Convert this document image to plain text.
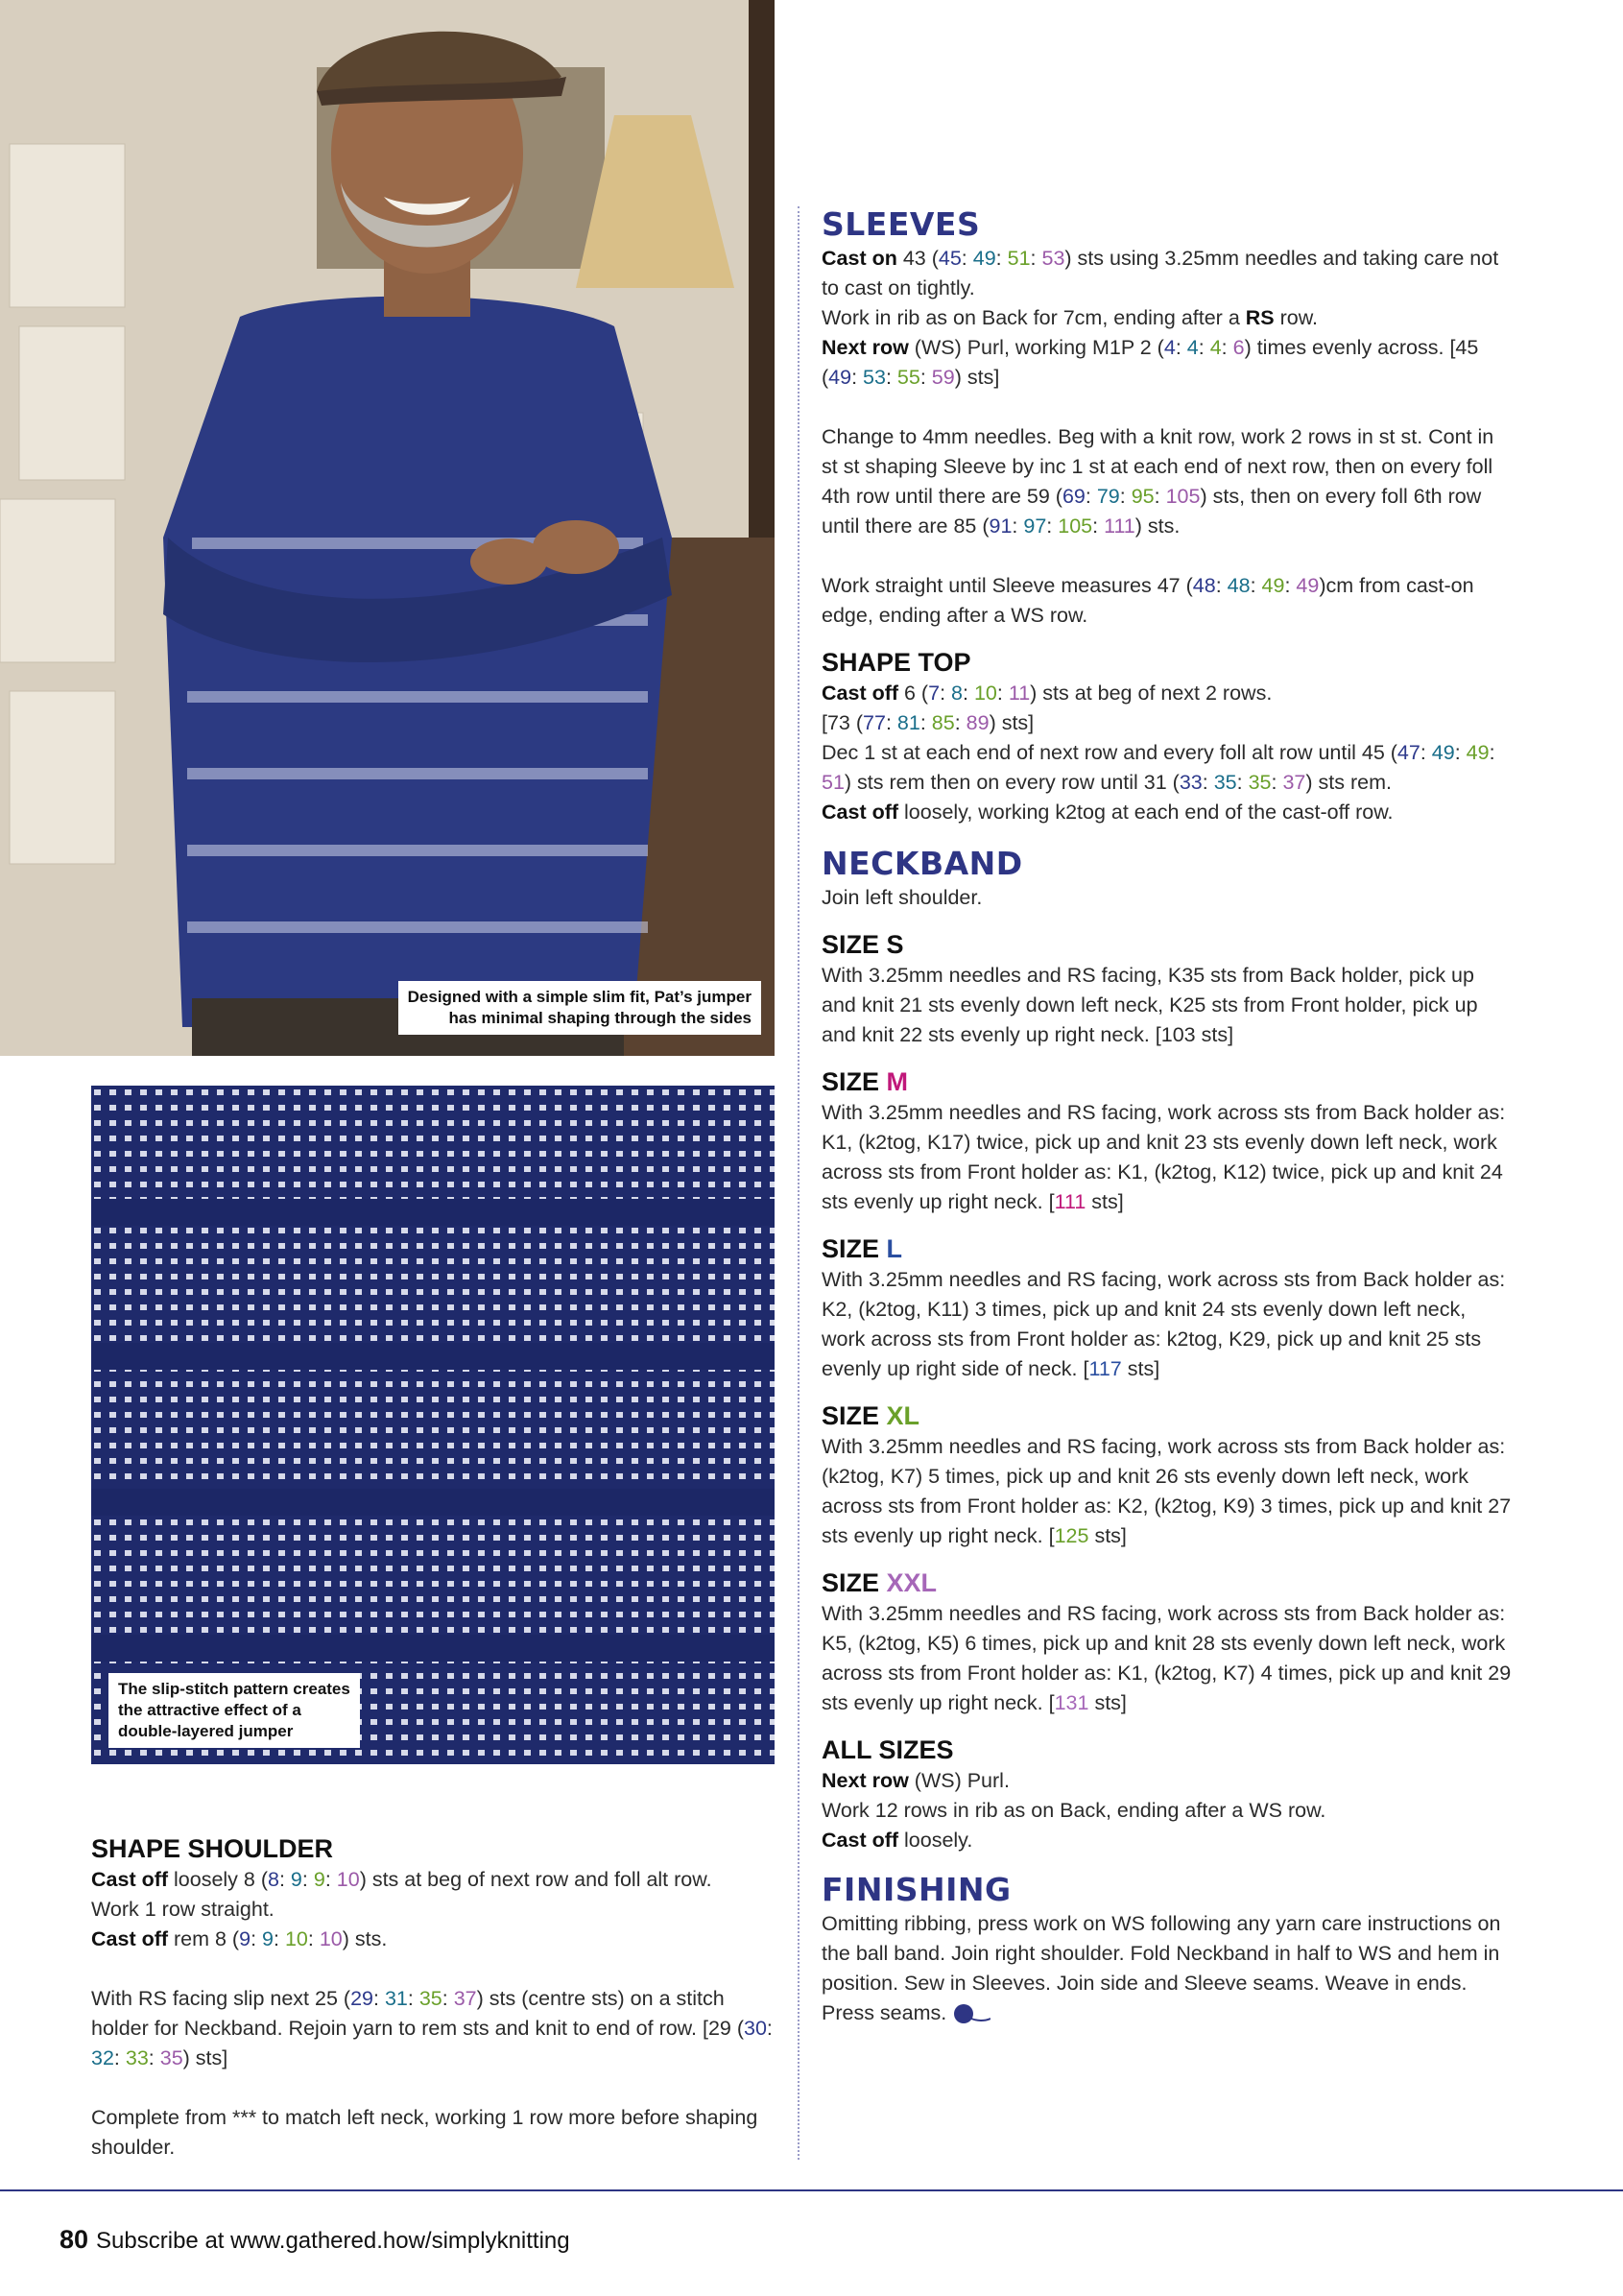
Designed with a simple slim fit, Pat’s jumper
has minimal shaping through the sides
The slip-stitch pattern creates
the attractive effect of a
double-layered jumper

SHAPE SHOULDER

Cast off loosely 8 (8: 9: 9: 10) sts at beg of next row and foll alt row.
Work 1 row straight.
Cast off rem 8 (9: 9: 10: 10) sts.

With RS facing slip next 25 (29: 31: 35: 37) sts (centre sts) on a stitch holder for Neckband. Rejoin yarn to rem sts and knit to end of row. [29 (30: 32: 33: 35) sts]

Complete from *** to match left neck, working 1 row more before shaping shoulder.

SLEEVES

Cast on 43 (45: 49: 51: 53) sts using 3.25mm needles and taking care not to cast on tightly.
Work in rib as on Back for 7cm, ending after a RS row.
Next row (WS) Purl, working M1P 2 (4: 4: 4: 6) times evenly across. [45 (49: 53: 55: 59) sts]

Change to 4mm needles. Beg with a knit row, work 2 rows in st st. Cont in st st shaping Sleeve by inc 1 st at each end of next row, then on every foll 4th row until there are 59 (69: 79: 95: 105) sts, then on every foll 6th row until there are 85 (91: 97: 105: 111) sts.

Work straight until Sleeve measures 47 (48: 48: 49: 49)cm from cast-on edge, ending after a WS row.

SHAPE TOP

Cast off 6 (7: 8: 10: 11) sts at beg of next 2 rows.
[73 (77: 81: 85: 89) sts]
Dec 1 st at each end of next row and every foll alt row until 45 (47: 49: 49: 51) sts rem then on every row until 31 (33: 35: 35: 37) sts rem.
Cast off loosely, working k2tog at each end of the cast-off row.

NECKBAND

Join left shoulder.

SIZE S

With 3.25mm needles and RS facing, K35 sts from Back holder, pick up and knit 21 sts evenly down left neck, K25 sts from Front holder, pick up and knit 22 sts evenly up right neck. [103 sts]

SIZE M

With 3.25mm needles and RS facing, work across sts from Back holder as: K1, (k2tog, K17) twice, pick up and knit 23 sts evenly down left neck, work across sts from Front holder as: K1, (k2tog, K12) twice, pick up and knit 24 sts evenly up right neck. [111 sts]

SIZE L

With 3.25mm needles and RS facing, work across sts from Back holder as: K2, (k2tog, K11) 3 times, pick up and knit 24 sts evenly down left neck, work across sts from Front holder as: k2tog, K29, pick up and knit 25 sts evenly up right side of neck. [117 sts]

SIZE XL

With 3.25mm needles and RS facing, work across sts from Back holder as: (k2tog, K7) 5 times, pick up and knit 26 sts evenly down left neck, work across sts from Front holder as: K2, (k2tog, K9) 3 times, pick up and knit 27 sts evenly up right neck. [125 sts]

SIZE XXL

With 3.25mm needles and RS facing, work across sts from Back holder as: K5, (k2tog, K5) 6 times, pick up and knit 28 sts evenly down left neck, work across sts from Front holder as: K1, (k2tog, K7) 4 times, pick up and knit 29 sts evenly up right neck. [131 sts]

ALL SIZES

Next row (WS) Purl.
Work 12 rows in rib as on Back, ending after a WS row.
Cast off loosely.

FINISHING

Omitting ribbing, press work on WS following any yarn care instructions on the ball band. Join right shoulder. Fold Neckband in half to WS and hem in position. Sew in Sleeves. Join side and Sleeve seams. Weave in ends. Press seams.

80 Subscribe at www.gathered.how/simplyknitting
